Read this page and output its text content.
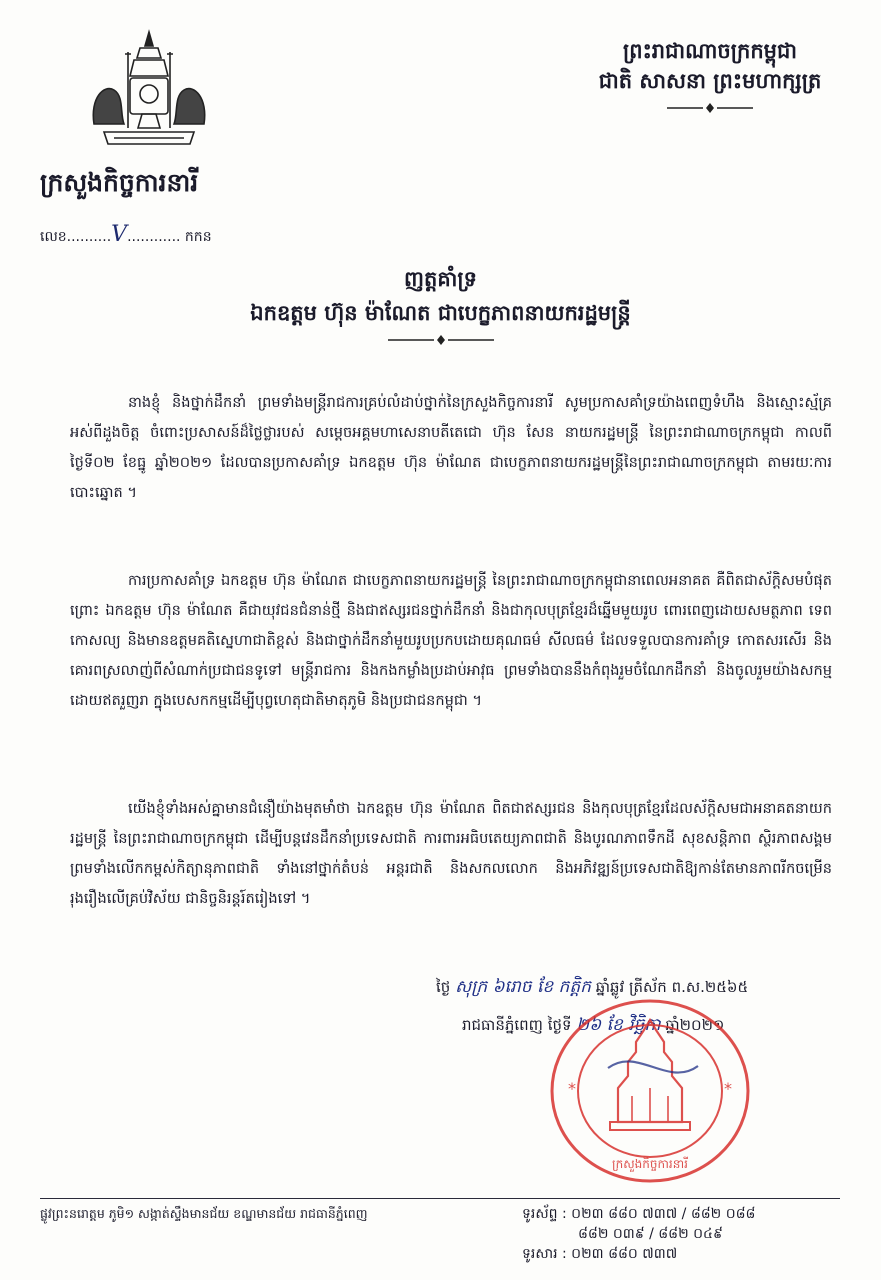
ព្រះរាជាណាចក្រកម្ពុជា
ជាតិ សាសនា ព្រះមហាក្សត្រ
ក្រសួងកិច្ចការនារី
លេខ..........V............ កកន
ញត្តគាំទ្រ
ឯកឧត្តម ហ៊ុន ម៉ាណែត ជាបេក្ខភាពនាយករដ្ឋមន្ត្រី
នាងខ្ញុំ និងថ្នាក់ដឹកនាំ ព្រមទាំងមន្ត្រីរាជការគ្រប់លំដាប់ថ្នាក់នៃក្រសួងកិច្ចការនារី សូមប្រកាសគាំទ្រយ៉ាងពេញទំហឹង និងស្មោះស្ម័គ្រអស់ពីដួងចិត្ត ចំពោះប្រសាសន៍ដ៏ថ្លៃថ្លារបស់ សម្តេចអគ្គមហាសេនាបតីតេជោ ហ៊ុន សែន នាយករដ្ឋមន្ត្រី នៃព្រះរាជាណាចក្រកម្ពុជា កាលពីថ្ងៃទី០២ ខែធ្នូ ឆ្នាំ២០២១ ដែលបានប្រកាសគាំទ្រ ឯកឧត្តម ហ៊ុន ម៉ាណែត ជាបេក្ខភាពនាយករដ្ឋមន្ត្រីនៃព្រះរាជាណាចក្រកម្ពុជា តាមរយៈការបោះឆ្នោត ។
ការប្រកាសគាំទ្រ ឯកឧត្តម ហ៊ុន ម៉ាណែត ជាបេក្ខភាពនាយករដ្ឋមន្ត្រី នៃព្រះរាជាណាចក្រកម្ពុជានាពេលអនាគត គឺពិតជាស័ក្តិសមបំផុត ព្រោះ ឯកឧត្តម ហ៊ុន ម៉ាណែត គឺជាយុវជនជំនាន់ថ្មី និងជាឥស្សរជនថ្នាក់ដឹកនាំ និងជាកុលបុត្រខ្មែរដ៏ឆ្នើមមួយរូប ពោរពេញដោយសមត្ថភាព ទេពកោសល្យ និងមានឧត្តមគតិស្នេហាជាតិខ្ពស់ និងជាថ្នាក់ដឹកនាំមួយរូបប្រកបដោយគុណធម៌ សីលធម៌ ដែលទទួលបានការគាំទ្រ កោតសរសើរ និងគោរពស្រលាញ់ពីសំណាក់ប្រជាជនទូទៅ មន្ត្រីរាជការ និងកងកម្លាំងប្រដាប់អាវុធ ព្រមទាំងបាននឹងកំពុងរួមចំណែកដឹកនាំ និងចូលរួមយ៉ាងសកម្ម ដោយឥតរួញរា ក្នុងបេសកកម្មដើម្បីបុព្វហេតុជាតិមាតុភូមិ និងប្រជាជនកម្ពុជា ។
យើងខ្ញុំទាំងអស់គ្នាមានជំនឿយ៉ាងមុតមាំថា ឯកឧត្តម ហ៊ុន ម៉ាណែត ពិតជាឥស្សរជន និងកុលបុត្រខ្មែរដែលស័ក្តិសមជាអនាគតនាយករដ្ឋមន្ត្រី នៃព្រះរាជាណាចក្រកម្ពុជា ដើម្បីបន្តវេនដឹកនាំប្រទេសជាតិ ការពារអធិបតេយ្យភាពជាតិ និងបូរណភាពទឹកដី សុខសន្តិភាព ស្ថិរភាពសង្គម ព្រមទាំងលើកកម្ពស់កិត្យានុភាពជាតិ ទាំងនៅថ្នាក់តំបន់ អន្តរជាតិ និងសកលលោក និងអភិវឌ្ឍន៍ប្រទេសជាតិឱ្យកាន់តែមានភាពរីកចម្រើនរុងរឿងលើគ្រប់វិស័យ ជានិច្ចនិរន្តរ៍តរៀងទៅ ។
ថ្ងៃ សុក្រ ៦រោច ខែ កត្តិក ឆ្នាំឆ្លូវ ត្រីស័ក ព.ស.២៥៦៥
រាជធានីភ្នំពេញ ថ្ងៃទី ២៦ ខែ វិច្ឆិកា ឆ្នាំ២០២១
*	*
ក្រសួងកិច្ចការនារី
ផ្លូវព្រះនរោត្តម ភូមិ១ សង្កាត់ស្ទឹងមានជ័យ ខណ្ឌមានជ័យ រាជធានីភ្នំពេញ	ទូរស័ព្ទ : ០២៣ ៨៨០ ៧៣៧ / ៨៨២ ០៨៨
៨៨២ ០៣៩ / ៨៨២ ០៤៩
ទូរសារ : ០២៣ ៨៨០ ៧៣៧
